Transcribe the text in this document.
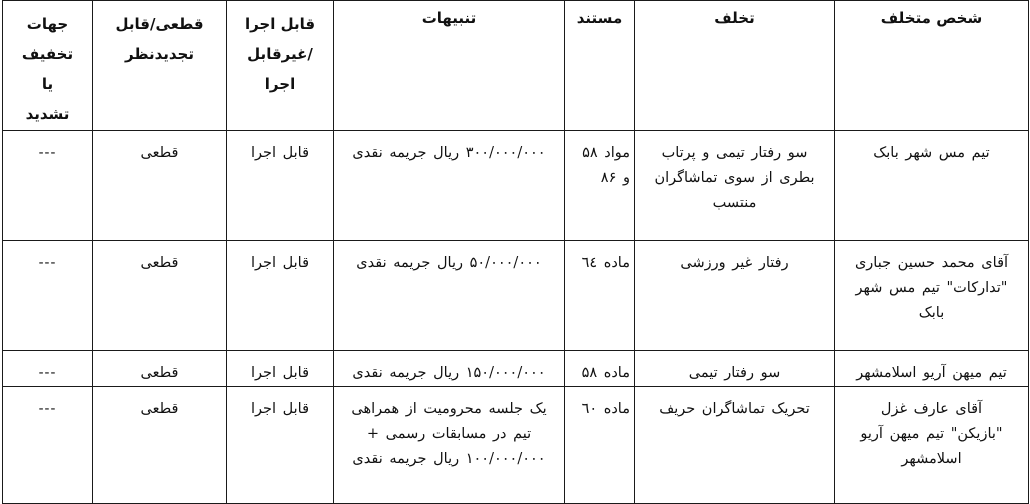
شخص متخلف	تخلف	مستند	تنبیهات	قابل اجرا
/غیرقابل
اجرا	قطعی/قابل
تجدیدنظر	جهات
تخفیف
یا
تشدید

تیم مس شهر بابک	سو رفتار تیمی و پرتاب
بطری از سوی تماشاگران
منتسب	مواد ۵۸
و ۸۶	۳۰۰/۰۰۰/۰۰۰ ریال جریمه نقدی	قابل اجرا	قطعی	---

آقای محمد حسین جباری
"تدارکات" تیم مس شهر
بابک	رفتار غیر ورزشی	ماده ٦٤	۵۰/۰۰۰/۰۰۰ ریال جریمه نقدی	قابل اجرا	قطعی	---

تیم میهن آریو اسلامشهر	سو رفتار تیمی	ماده ۵۸	۱۵۰/۰۰۰/۰۰۰ ریال جریمه نقدی	قابل اجرا	قطعی	---

آقای عارف غزل
"بازیکن" تیم میهن آریو
اسلامشهر	تحریک تماشاگران حریف	ماده ٦۰	یک جلسه محرومیت از همراهی
تیم در مسابقات رسمی +
۱۰۰/۰۰۰/۰۰۰ ریال جریمه نقدی	قابل اجرا	قطعی	---
